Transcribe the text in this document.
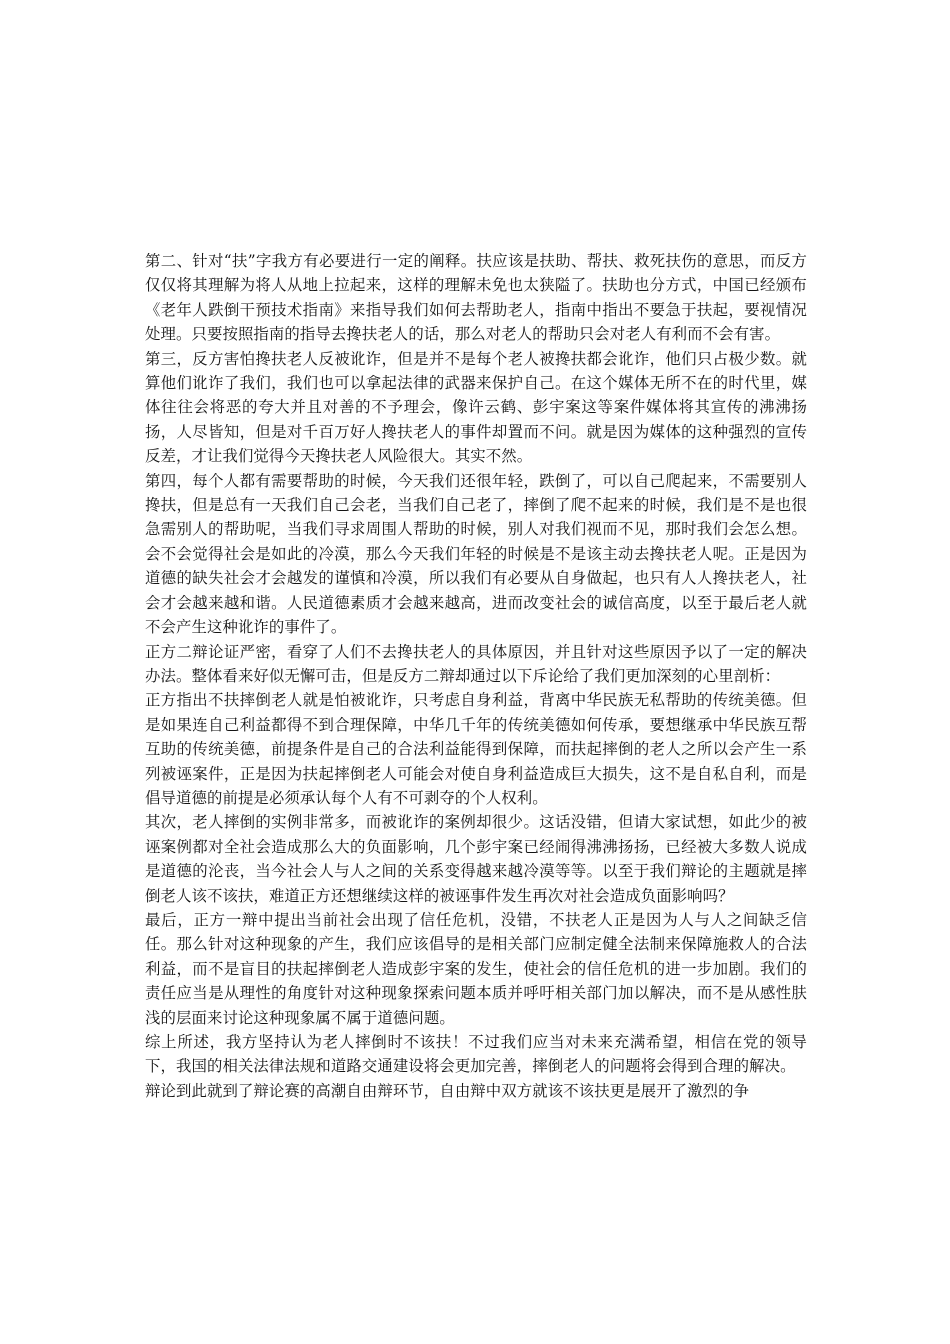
第二、针对“扶”字我方有必要进行一定的阐释。扶应该是扶助、帮扶、救死扶伤的意思，而反方仅仅将其理解为将人从地上拉起来，这样的理解未免也太狭隘了。扶助也分方式，中国已经颁布《老年人跌倒干预技术指南》来指导我们如何去帮助老人，指南中指出不要急于扶起，要视情况处理。只要按照指南的指导去搀扶老人的话，那么对老人的帮助只会对老人有利而不会有害。

第三，反方害怕搀扶老人反被讹诈，但是并不是每个老人被搀扶都会讹诈，他们只占极少数。就算他们讹诈了我们，我们也可以拿起法律的武器来保护自己。在这个媒体无所不在的时代里，媒体往往会将恶的夸大并且对善的不予理会，像许云鹤、彭宇案这等案件媒体将其宣传的沸沸扬扬，人尽皆知，但是对千百万好人搀扶老人的事件却置而不问。就是因为媒体的这种强烈的宣传反差，才让我们觉得今天搀扶老人风险很大。其实不然。

第四，每个人都有需要帮助的时候，今天我们还很年轻，跌倒了，可以自己爬起来，不需要别人搀扶，但是总有一天我们自己会老，当我们自己老了，摔倒了爬不起来的时候，我们是不是也很急需别人的帮助呢，当我们寻求周围人帮助的时候，别人对我们视而不见，那时我们会怎么想。会不会觉得社会是如此的冷漠，那么今天我们年轻的时候是不是该主动去搀扶老人呢。正是因为道德的缺失社会才会越发的谨慎和冷漠，所以我们有必要从自身做起，也只有人人搀扶老人，社会才会越来越和谐。人民道德素质才会越来越高，进而改变社会的诚信高度，以至于最后老人就不会产生这种讹诈的事件了。

正方二辩论证严密，看穿了人们不去搀扶老人的具体原因，并且针对这些原因予以了一定的解决办法。整体看来好似无懈可击，但是反方二辩却通过以下斥论给了我们更加深刻的心里剖析：

正方指出不扶摔倒老人就是怕被讹诈，只考虑自身利益，背离中华民族无私帮助的传统美德。但是如果连自己利益都得不到合理保障，中华几千年的传统美德如何传承，要想继承中华民族互帮互助的传统美德，前提条件是自己的合法利益能得到保障，而扶起摔倒的老人之所以会产生一系列被诬案件，正是因为扶起摔倒老人可能会对使自身利益造成巨大损失，这不是自私自利，而是倡导道德的前提是必须承认每个人有不可剥夺的个人权利。

其次，老人摔倒的实例非常多，而被讹诈的案例却很少。这话没错，但请大家试想，如此少的被诬案例都对全社会造成那么大的负面影响，几个彭宇案已经闹得沸沸扬扬，已经被大多数人说成是道德的沦丧，当今社会人与人之间的关系变得越来越冷漠等等。以至于我们辩论的主题就是摔倒老人该不该扶，难道正方还想继续这样的被诬事件发生再次对社会造成负面影响吗？

最后，正方一辩中提出当前社会出现了信任危机，没错，不扶老人正是因为人与人之间缺乏信任。那么针对这种现象的产生，我们应该倡导的是相关部门应制定健全法制来保障施救人的合法利益，而不是盲目的扶起摔倒老人造成彭宇案的发生，使社会的信任危机的进一步加剧。我们的责任应当是从理性的角度针对这种现象探索问题本质并呼吁相关部门加以解决，而不是从感性肤浅的层面来讨论这种现象属不属于道德问题。

综上所述，我方坚持认为老人摔倒时不该扶！不过我们应当对未来充满希望，相信在党的领导下，我国的相关法律法规和道路交通建设将会更加完善，摔倒老人的问题将会得到合理的解决。

辩论到此就到了辩论赛的高潮自由辩环节，自由辩中双方就该不该扶更是展开了激烈的争
